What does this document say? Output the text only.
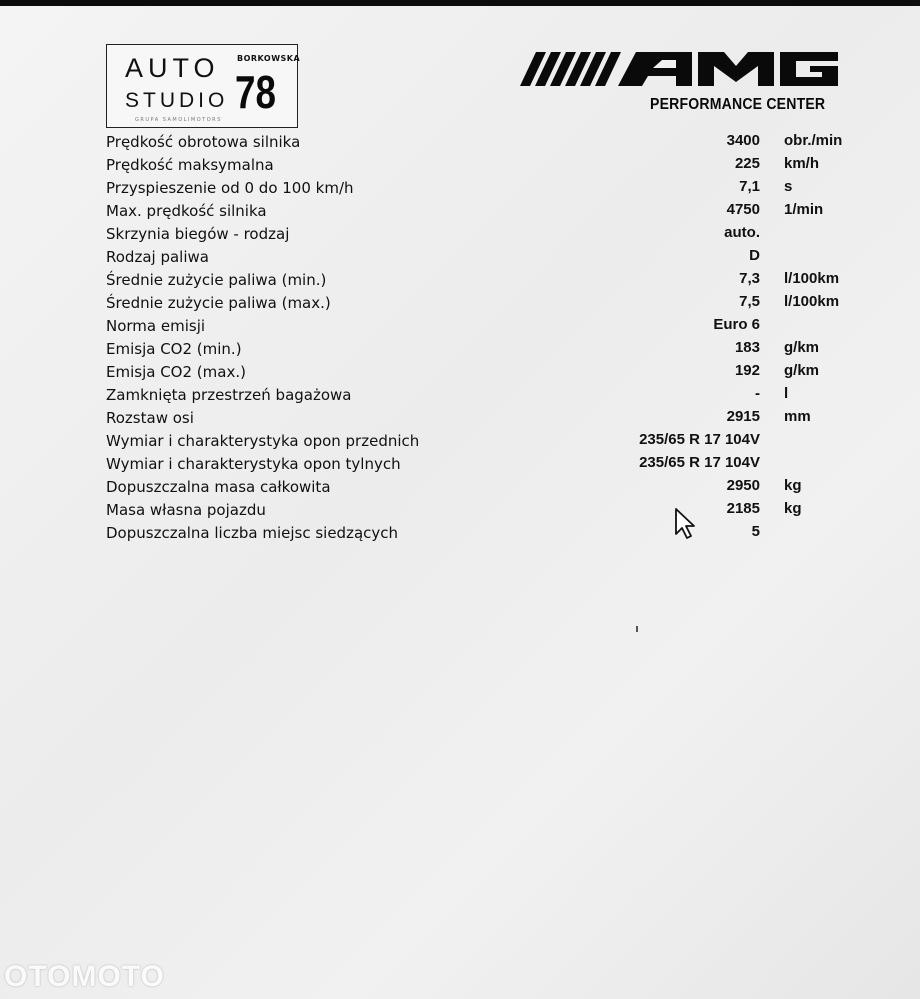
AUTO
STUDIO
BORKOWSKA
78
GRUPA SAMOLIMOTORS
PERFORMANCE CENTER
Prędkość obrotowa silnika	3400 obr./min
Prędkość maksymalna	225 km/h
Przyspieszenie od 0 do 100 km/h	7,1 s
Max. prędkość silnika	4750 1/min
Skrzynia biegów - rodzaj	auto.
Rodzaj paliwa	D
Średnie zużycie paliwa (min.)	7,3 l/100km
Średnie zużycie paliwa (max.)	7,5 l/100km
Norma emisji	Euro 6
Emisja CO2 (min.)	183 g/km
Emisja CO2 (max.)	192 g/km
Zamknięta przestrzeń bagażowa	- l
Rozstaw osi	2915 mm
Wymiar i charakterystyka opon przednich	235/65 R 17 104V
Wymiar i charakterystyka opon tylnych	235/65 R 17 104V
Dopuszczalna masa całkowita	2950 kg
Masa własna pojazdu	2185 kg
Dopuszczalna liczba miejsc siedzących	5
OTOMOTO
